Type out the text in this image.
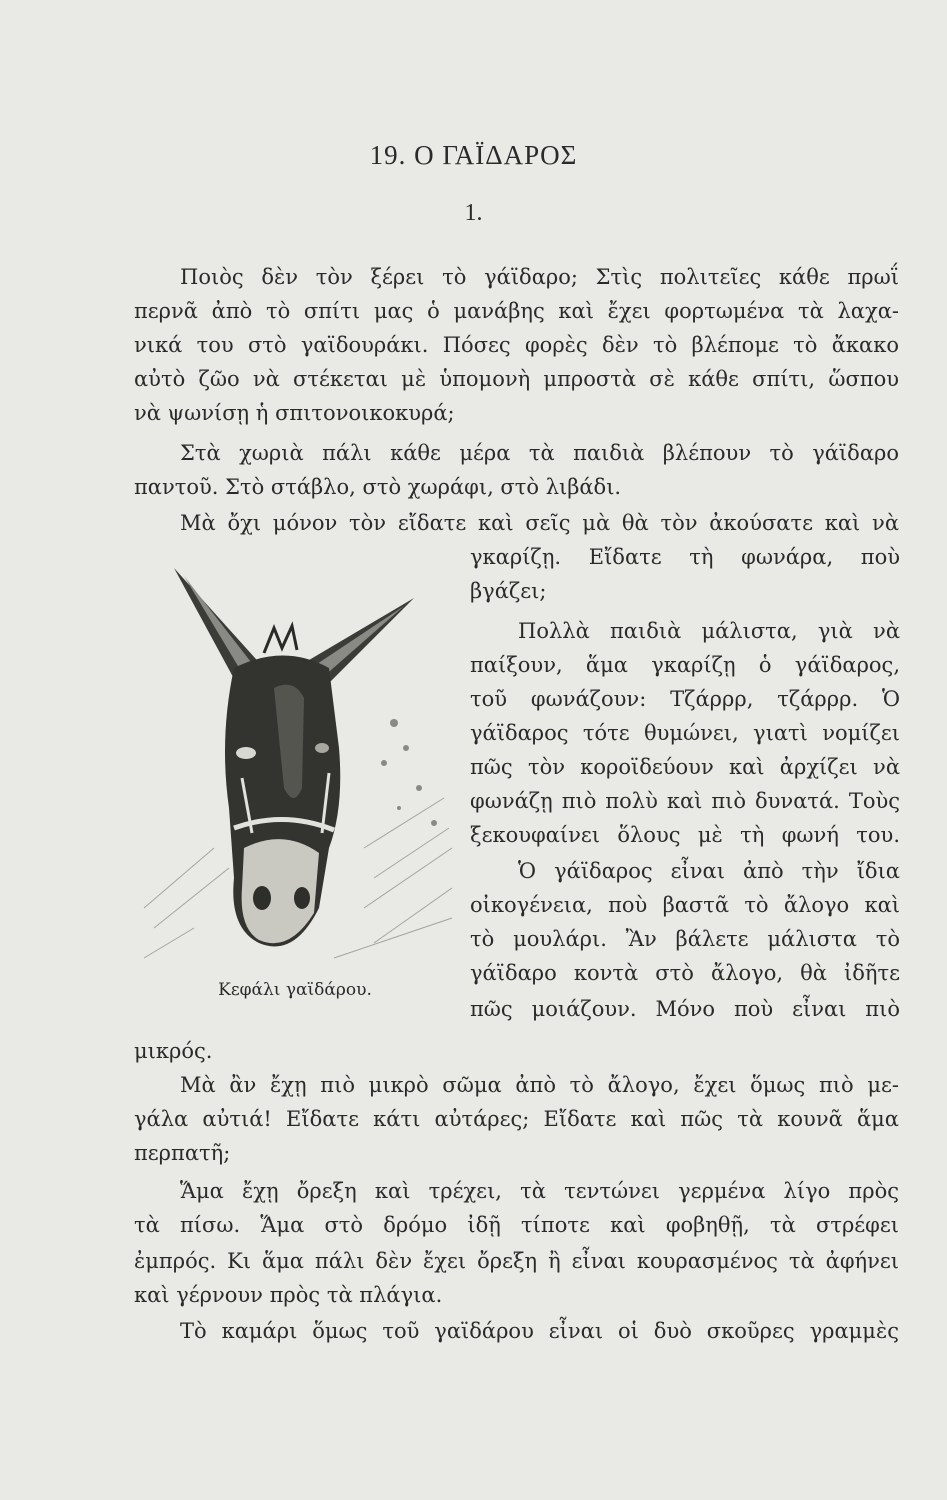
19. Ο ΓΑΪΔΑΡΟΣ
1.
Ποιὸς δὲν τὸν ξέρει τὸ γάϊδαρο; Στὶς πολιτεῖες κάθε πρωΐ
περνᾶ ἀπὸ τὸ σπίτι μας ὁ μανάβης καὶ ἔχει φορτωμένα τὰ λαχα-
νικά του στὸ γαϊδουράκι. Πόσες φορὲς δὲν τὸ βλέπομε τὸ ἄκακο
αὐτὸ ζῶο νὰ στέκεται μὲ ὑπομονὴ μπροστὰ σὲ κάθε σπίτι, ὥσπου
νὰ ψωνίσῃ ἡ σπιτονοικοκυρά;
Στὰ χωριὰ πάλι κάθε μέρα τὰ παιδιὰ βλέπουν τὸ γάϊδαρο
παντοῦ. Στὸ στάβλο, στὸ χωράφι, στὸ λιβάδι.
Μὰ ὄχι μόνον τὸν εἴδατε καὶ σεῖς μὰ θὰ τὸν ἀκούσατε καὶ νὰ
γκαρίζῃ. Εἴδατε τὴ φωνάρα, ποὺ
βγάζει;
Πολλὰ παιδιὰ μάλιστα, γιὰ νὰ
παίξουν, ἅμα γκαρίζῃ ὁ γάϊδαρος,
τοῦ φωνάζουν: Τζάρρρ, τζάρρρ. Ὁ
γάϊδαρος τότε θυμώνει, γιατὶ νομίζει
πῶς τὸν κοροϊδεύουν καὶ ἀρχίζει νὰ
φωνάζῃ πιὸ πολὺ καὶ πιὸ δυνατά. Τοὺς
ξεκουφαίνει ὅλους μὲ τὴ φωνή του.
Ὁ γάϊδαρος εἶναι ἀπὸ τὴν ἴδια
οἰκογένεια, ποὺ βαστᾶ τὸ ἄλογο καὶ
τὸ μουλάρι. Ἂν βάλετε μάλιστα τὸ
γάϊδαρο κοντὰ στὸ ἄλογο, θὰ ἰδῆτε
πῶς μοιάζουν. Μόνο ποὺ εἶναι πιὸ
Κεφάλι γαϊδάρου.
μικρός.
Μὰ ἂν ἔχῃ πιὸ μικρὸ σῶμα ἀπὸ τὸ ἄλογο, ἔχει ὅμως πιὸ με-
γάλα αὐτιά! Εἴδατε κάτι αὐτάρες; Εἴδατε καὶ πῶς τὰ κουνᾶ ἅμα
περπατῆ;
Ἅμα ἔχῃ ὄρεξη καὶ τρέχει, τὰ τεντώνει γερμένα λίγο πρὸς
τὰ πίσω. Ἅμα στὸ δρόμο ἰδῇ τίποτε καὶ φοβηθῇ, τὰ στρέφει
ἐμπρός. Κι ἅμα πάλι δὲν ἔχει ὄρεξη ἢ εἶναι κουρασμένος τὰ ἀφήνει
καὶ γέρνουν πρὸς τὰ πλάγια.
Τὸ καμάρι ὅμως τοῦ γαϊδάρου εἶναι οἱ δυὸ σκοῦρες γραμμὲς
